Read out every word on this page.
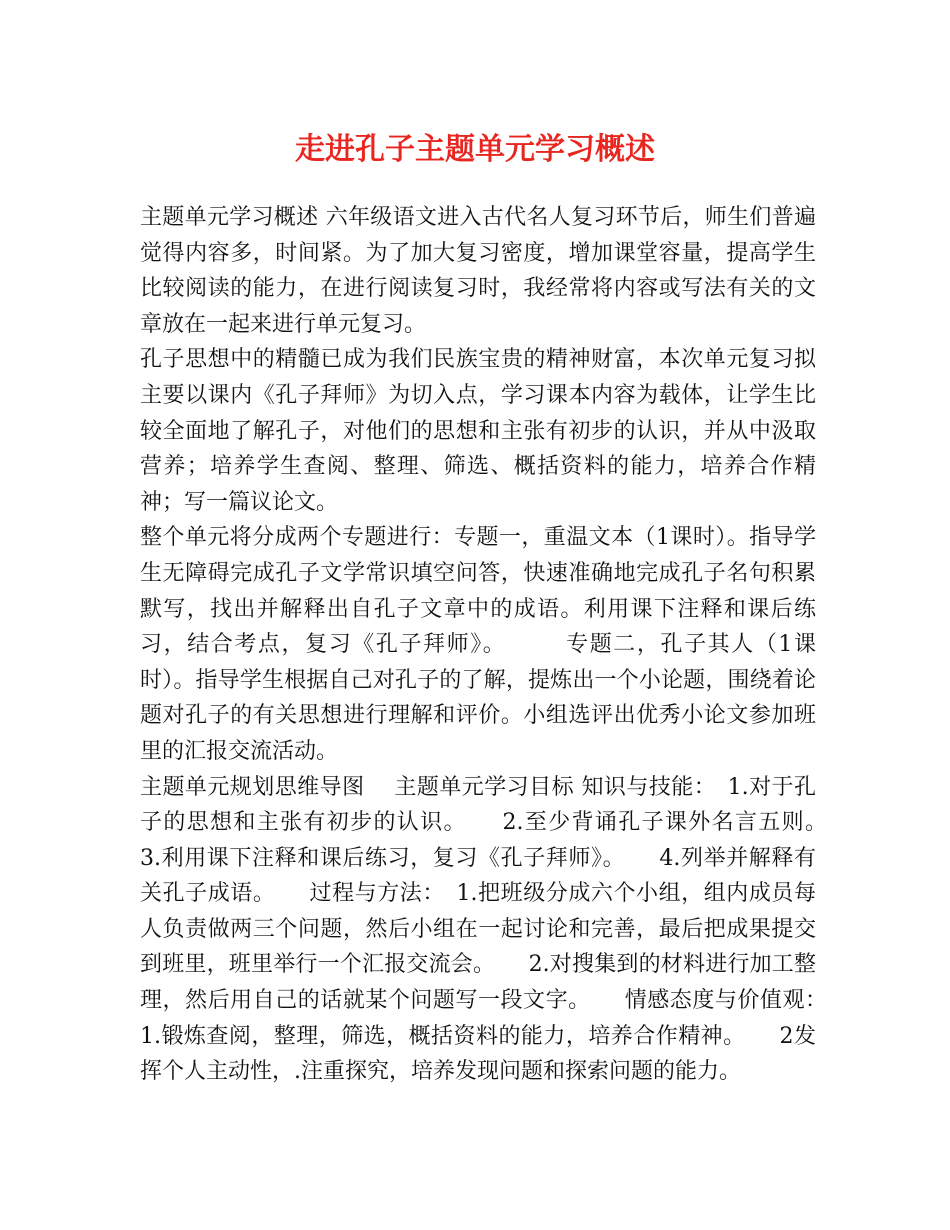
走进孔子主题单元学习概述

主题单元学习概述 六年级语文进入古代名人复习环节后，师生们普遍觉得内容多，时间紧。为了加大复习密度，增加课堂容量，提高学生比较阅读的能力，在进行阅读复习时，我经常将内容或写法有关的文章放在一起来进行单元复习。

孔子思想中的精髓已成为我们民族宝贵的精神财富，本次单元复习拟主要以课内《孔子拜师》为切入点，学习课本内容为载体，让学生比较全面地了解孔子，对他们的思想和主张有初步的认识，并从中汲取营养；培养学生查阅、整理、筛选、概括资料的能力，培养合作精神；写一篇议论文。

整个单元将分成两个专题进行：专题一，重温文本（1课时）。指导学生无障碍完成孔子文学常识填空问答，快速准确地完成孔子名句积累默写，找出并解释出自孔子文章中的成语。利用课下注释和课后练习，结合考点，复习《孔子拜师》。　　　专题二，孔子其人（1课时）。指导学生根据自己对孔子的了解，提炼出一个小论题，围绕着论题对孔子的有关思想进行理解和评价。小组选评出优秀小论文参加班里的汇报交流活动。

主题单元规划思维导图　 主题单元学习目标 知识与技能：　1.对于孔子的思想和主张有初步的认识。　　2.至少背诵孔子课外名言五则。　　3.利用课下注释和课后练习，复习《孔子拜师》。　　4.列举并解释有关孔子成语。　　过程与方法：　1.把班级分成六个小组，组内成员每人负责做两三个问题，然后小组在一起讨论和完善，最后把成果提交到班里，班里举行一个汇报交流会。　　2.对搜集到的材料进行加工整理，然后用自己的话就某个问题写一段文字。　　情感态度与价值观：　1.锻炼查阅，整理，筛选，概括资料的能力，培养合作精神。　　2发挥个人主动性，.注重探究，培养发现问题和探索问题的能力。
